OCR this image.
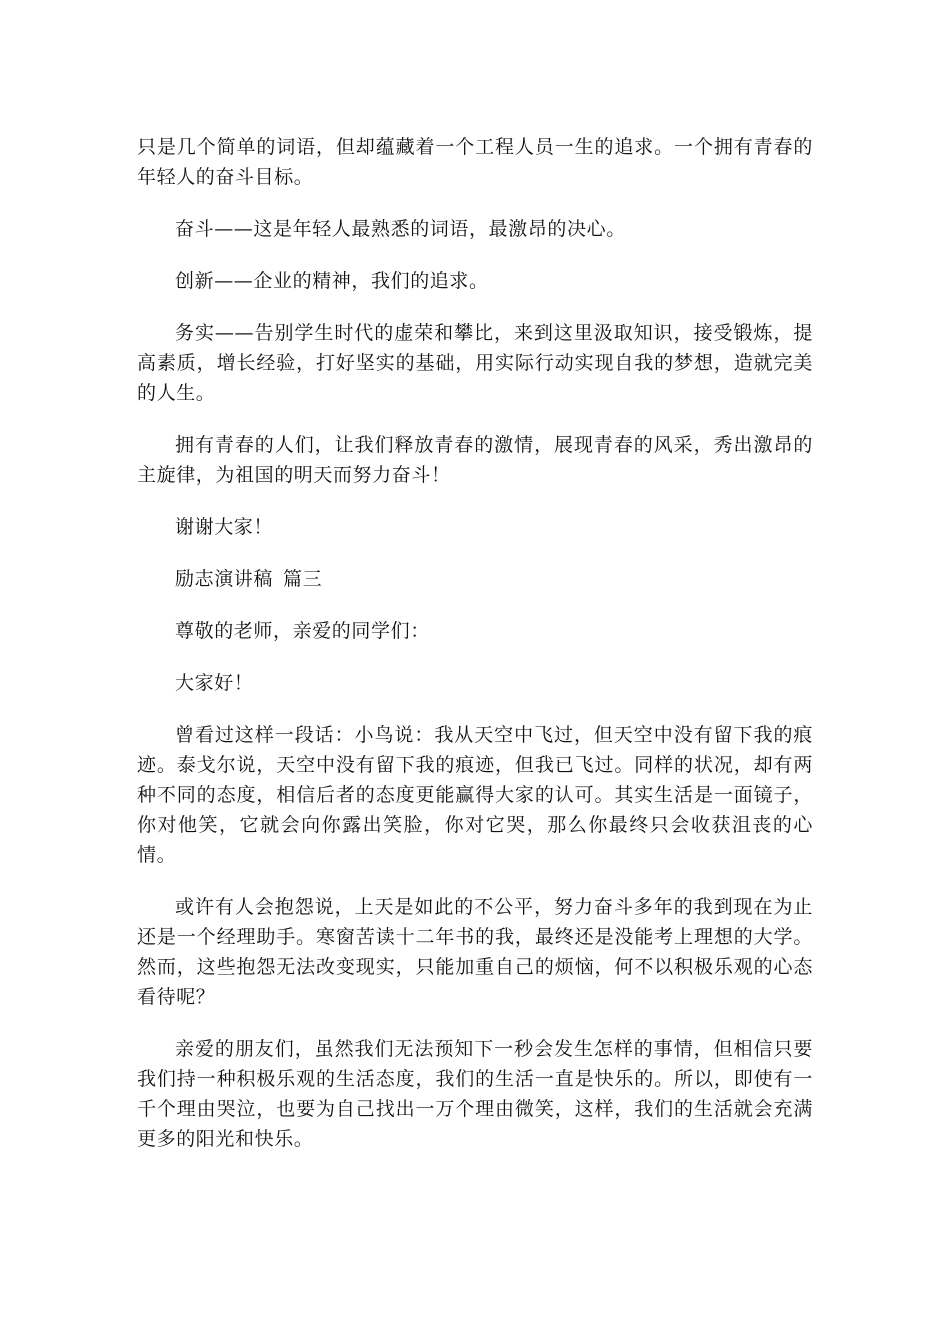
只是几个简单的词语，但却蕴藏着一个工程人员一生的追求。一个拥有青春的年轻人的奋斗目标。

奋斗——这是年轻人最熟悉的词语，最激昂的决心。

创新——企业的精神，我们的追求。

务实——告别学生时代的虚荣和攀比，来到这里汲取知识，接受锻炼，提高素质，增长经验，打好坚实的基础，用实际行动实现自我的梦想，造就完美的人生。

拥有青春的人们，让我们释放青春的激情，展现青春的风采，秀出激昂的主旋律，为祖国的明天而努力奋斗！

谢谢大家！

励志演讲稿 篇三

尊敬的老师，亲爱的同学们：

大家好！

曾看过这样一段话：小鸟说：我从天空中飞过，但天空中没有留下我的痕迹。泰戈尔说，天空中没有留下我的痕迹，但我已飞过。同样的状况，却有两种不同的态度，相信后者的态度更能赢得大家的认可。其实生活是一面镜子，你对他笑，它就会向你露出笑脸，你对它哭，那么你最终只会收获沮丧的心情。

或许有人会抱怨说，上天是如此的不公平，努力奋斗多年的我到现在为止还是一个经理助手。寒窗苦读十二年书的我，最终还是没能考上理想的大学。然而，这些抱怨无法改变现实，只能加重自己的烦恼，何不以积极乐观的心态看待呢？

亲爱的朋友们，虽然我们无法预知下一秒会发生怎样的事情，但相信只要我们持一种积极乐观的生活态度，我们的生活一直是快乐的。所以，即使有一千个理由哭泣，也要为自己找出一万个理由微笑，这样，我们的生活就会充满更多的阳光和快乐。
